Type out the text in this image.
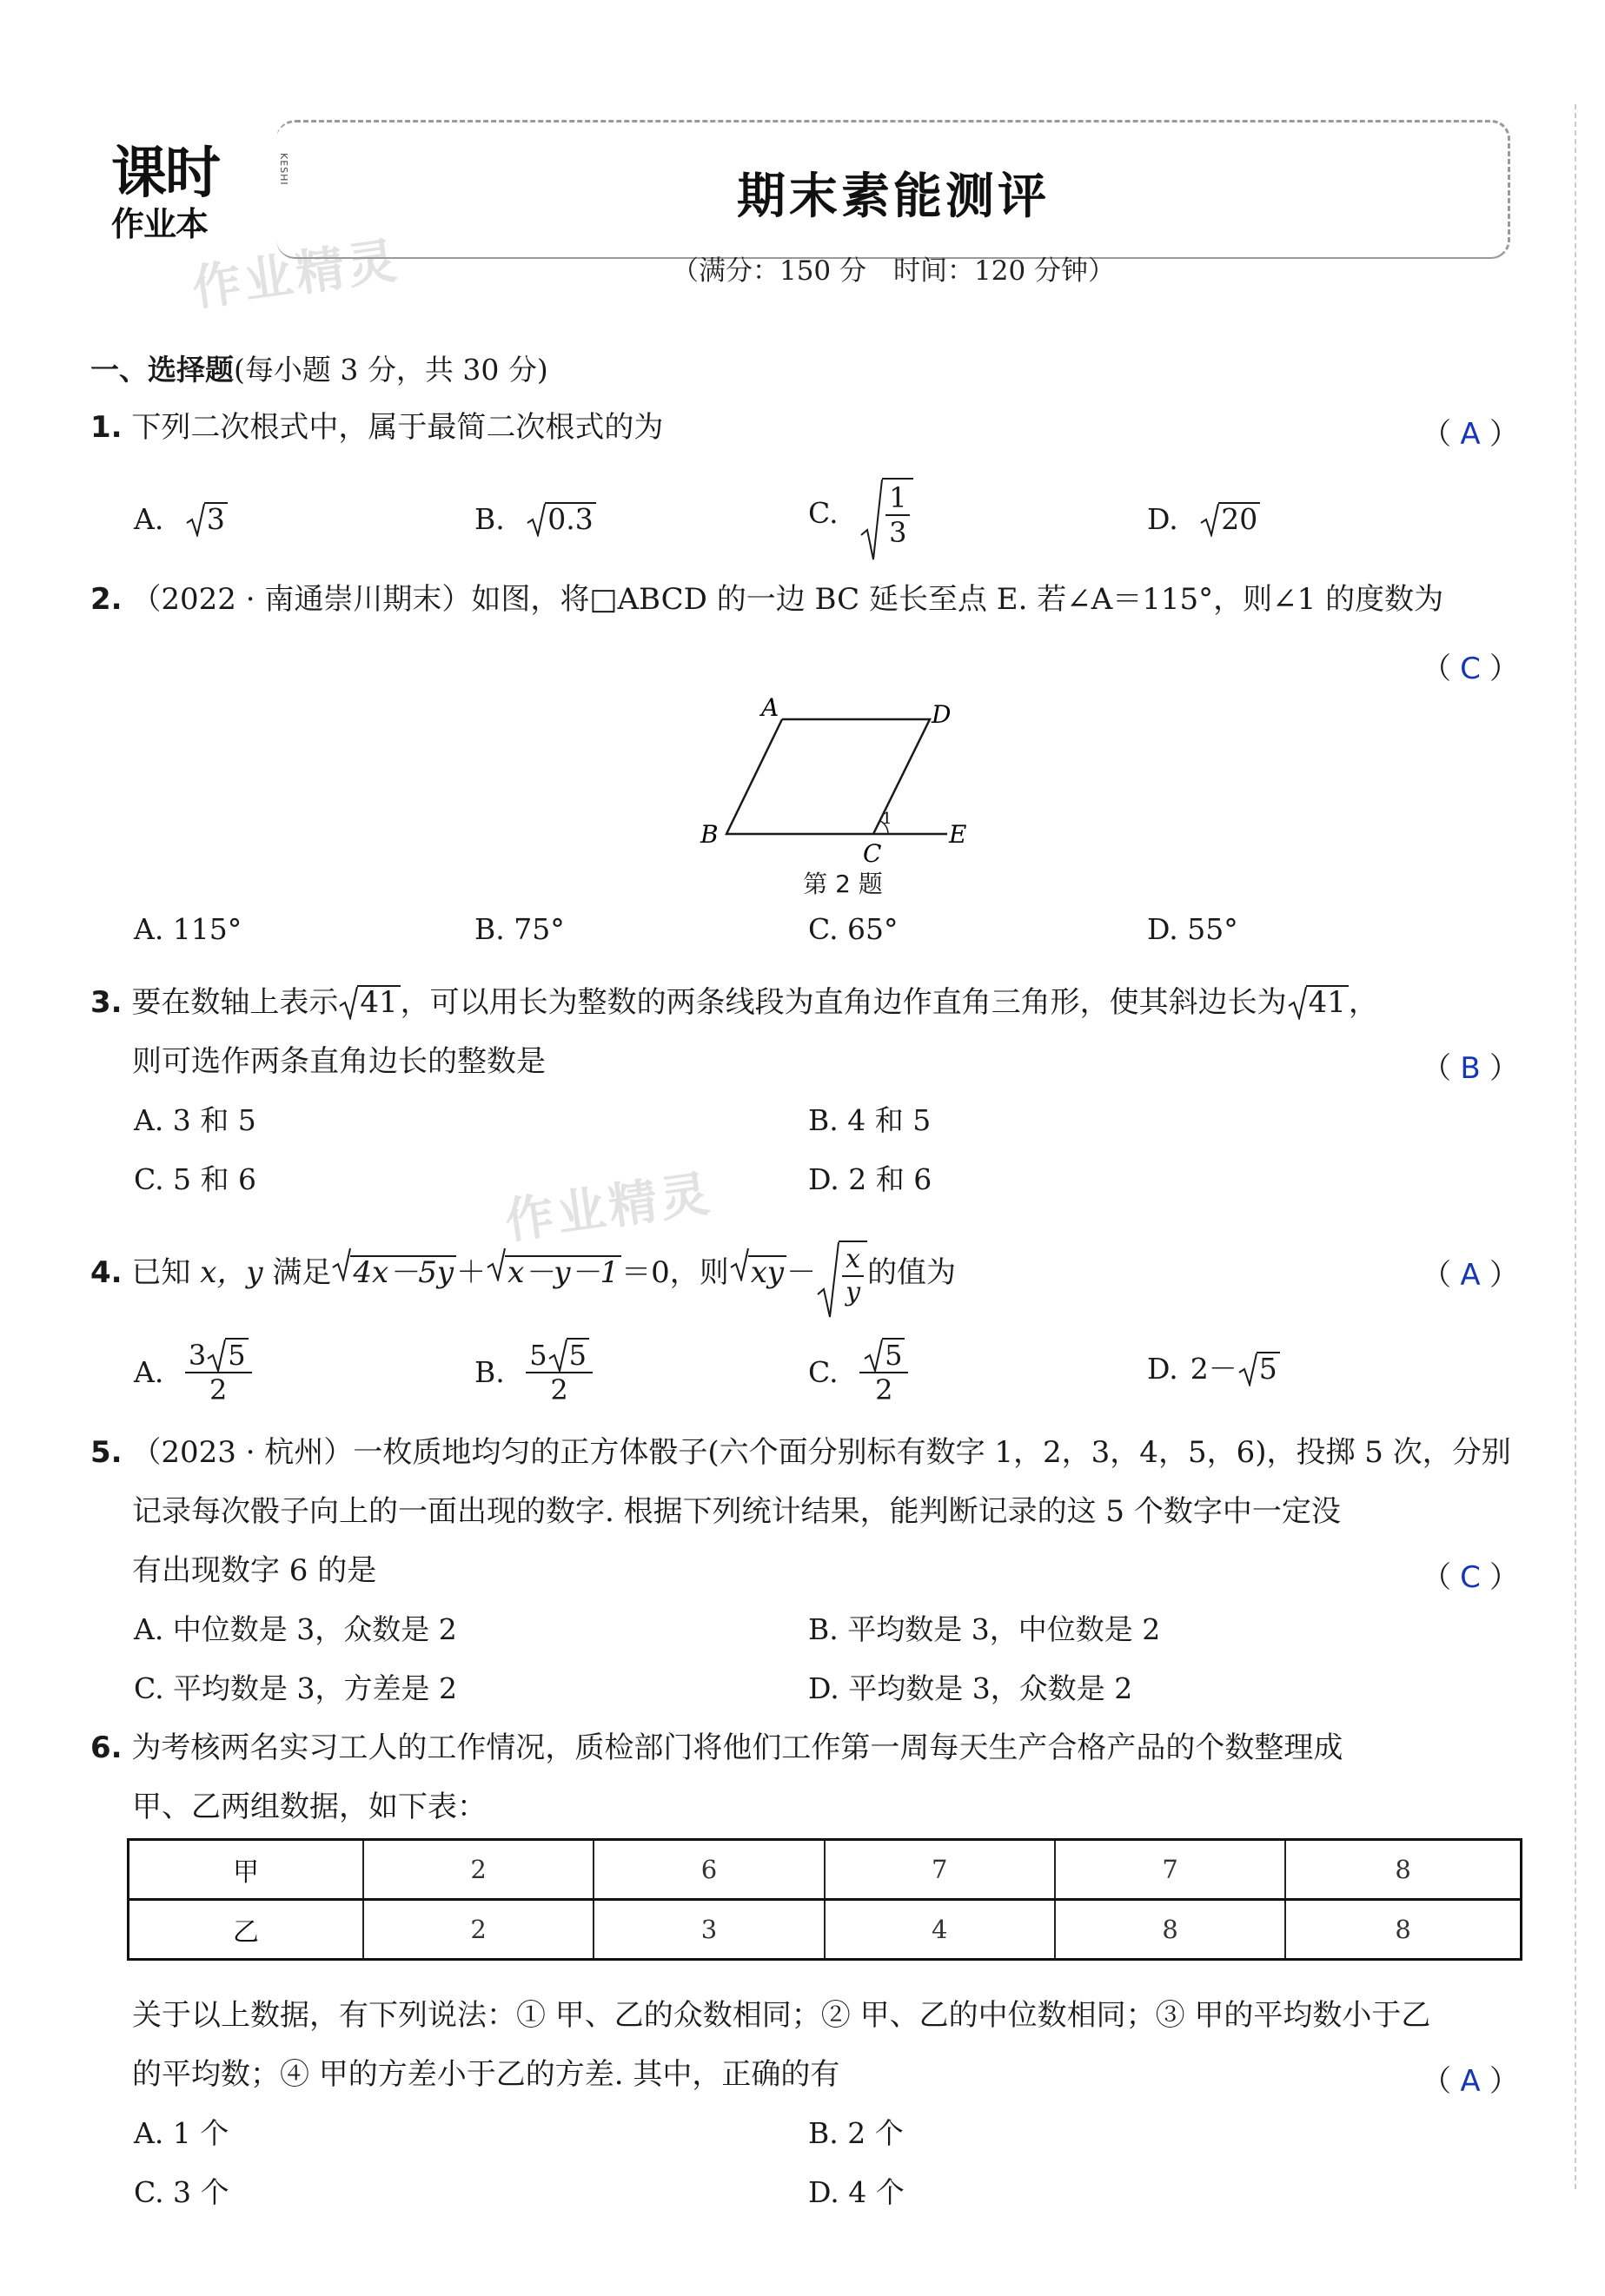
课时
作业本
KESHI
作业精灵
期末素能测评
（满分：150 分　时间：120 分钟）
一、选择题(每小题 3 分，共 30 分)
1. 下列二次根式中，属于最简二次根式的为	（ A ）
A. 3	B. 0.3	C. $\frac{1}{3}$	D. 20
2. （2022 · 南通崇川期末）如图，将□ABCD 的一边 BC 延长至点 E. 若∠A＝115°，则∠1 的度数为
（ C ）
A	D
B
C
E
1
第 2 题
A. 115°	B. 75°	C. 65°	D. 55°
3. 要在数轴上表示 41，可以用长为整数的两条线段为直角边作直角三角形，使其斜边长为 41，
则可选作两条直角边长的整数是	（ B ）
A. 3 和 5	B. 4 和 5
C. 5 和 6	D. 2 和 6
作业精灵
4. 已知 x，y 满足 4x－5y＋ x－y－1＝0，则 $xy- \frac{x}{y}$ 的值为	（ A ）
A. $\frac{3 5}{2}$	B. $\frac{5 5}{2}$	C. $\frac{5}{2}$	D. 2－ 5
5. （2023 · 杭州）一枚质地均匀的正方体骰子(六个面分别标有数字 1，2，3，4，5，6)，投掷 5 次，分别
记录每次骰子向上的一面出现的数字. 根据下列统计结果，能判断记录的这 5 个数字中一定没
有出现数字 6 的是	（ C ）
A. 中位数是 3，众数是 2	B. 平均数是 3，中位数是 2
C. 平均数是 3，方差是 2	D. 平均数是 3，众数是 2
6. 为考核两名实习工人的工作情况，质检部门将他们工作第一周每天生产合格产品的个数整理成
甲、乙两组数据，如下表：
甲	2	6	7	7	8
乙	2	3	4	8	8
关于以上数据，有下列说法：① 甲、乙的众数相同；② 甲、乙的中位数相同；③ 甲的平均数小于乙
的平均数；④ 甲的方差小于乙的方差. 其中，正确的有	（ A ）
A. 1 个	B. 2 个
C. 3 个	D. 4 个
